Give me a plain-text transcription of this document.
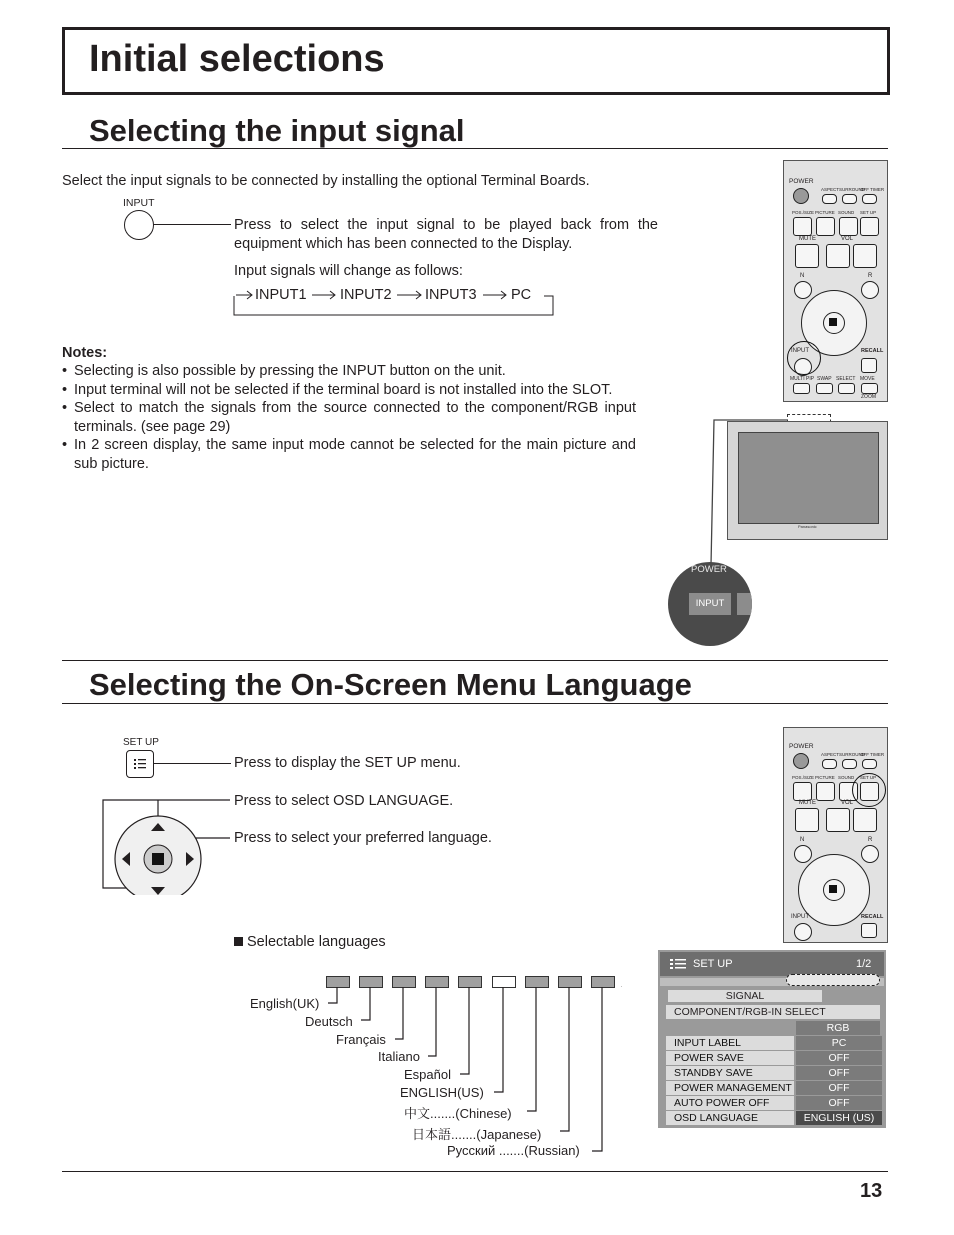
Initial selections
Selecting the input signal
Select the input signals to be connected by installing the optional Terminal Boards.
INPUT
Press to select the input signal to be played back from the equipment which has been connected to the Display.
Input signals will change as follows:
INPUT1 INPUT2 INPUT3 PC
Notes:
• Selecting is also possible by pressing the INPUT button on the unit.
• Input terminal will not be selected if the terminal board is not installed into the SLOT.
• Select to match the signals from the source connected to the component/RGB input terminals. (see page 29)
• In 2 screen display, the same input mode cannot be selected for the main picture and sub picture.
POWER
ASPECT SURROUND
OFF TIMER
POS./SIZE PICTURE SOUND SET UP
MUTE	VOL
N	R
INPUT	RECALL
MULTI PIP SWAP SELECT MOVE
ZOOM
Panasonic
POWER
INPUT
Selecting the On-Screen Menu Language
SET UP
Press to display the SET UP menu.
Press to select OSD LANGUAGE.
Press to select your preferred language.
POWER
ASPECT SURROUND
OFF TIMER
POS./SIZE PICTURE SOUND SET UP
MUTE	VOL
N	R
INPUT	RECALL
Selectable languages
English(UK)
Deutsch
Français
Italiano
Español
ENGLISH(US)
中文.......(Chinese)
日本語.......(Japanese)
Русский .......(Russian)
SET UP	1/2
SIGNAL
COMPONENT/RGB-IN SELECT
RGB
INPUT LABEL	PC
POWER SAVE	OFF
STANDBY SAVE	OFF
POWER MANAGEMENT	OFF
AUTO POWER OFF	OFF
OSD LANGUAGE	ENGLISH (US)
13
